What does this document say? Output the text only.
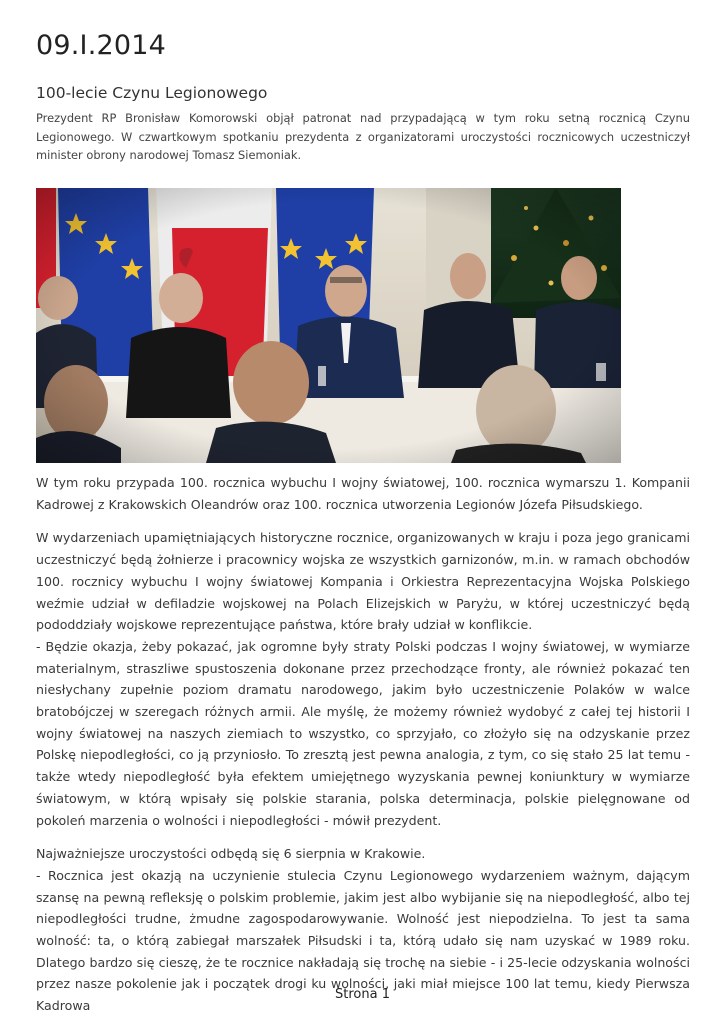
09.I.2014
100-lecie Czynu Legionowego

Prezydent RP Bronisław Komorowski objął patronat nad przypadającą w tym roku setną rocznicą Czynu Legionowego. W czwartkowym spotkaniu prezydenta z organizatorami uroczystości rocznicowych uczestniczył minister obrony narodowej Tomasz Siemoniak.

W tym roku przypada 100. rocznica wybuchu I wojny światowej, 100. rocznica wymarszu 1. Kompanii Kadrowej z Krakowskich Oleandrów oraz 100. rocznica utworzenia Legionów Józefa Piłsudskiego.

W wydarzeniach upamiętniających historyczne rocznice, organizowanych w kraju i poza jego granicami uczestniczyć będą żołnierze i pracownicy wojska ze wszystkich garnizonów, m.in. w ramach obchodów 100. rocznicy wybuchu I wojny światowej Kompania i Orkiestra Reprezentacyjna Wojska Polskiego weźmie udział w defiladzie wojskowej na Polach Elizejskich w Paryżu, w której uczestniczyć będą pododdziały wojskowe reprezentujące państwa, które brały udział w konflikcie.
- Będzie okazja, żeby pokazać, jak ogromne były straty Polski podczas I wojny światowej, w wymiarze materialnym, straszliwe spustoszenia dokonane przez przechodzące fronty, ale również pokazać ten niesłychany zupełnie poziom dramatu narodowego, jakim było uczestniczenie Polaków w walce bratobójczej w szeregach różnych armii. Ale myślę, że możemy również wydobyć z całej tej historii I wojny światowej na naszych ziemiach to wszystko, co sprzyjało, co złożyło się na odzyskanie przez Polskę niepodległości, co ją przyniosło. To zresztą jest pewna analogia, z tym, co się stało 25 lat temu - także wtedy niepodległość była efektem umiejętnego wyzyskania pewnej koniunktury w wymiarze światowym, w którą wpisały się polskie starania, polska determinacja, polskie pielęgnowane od pokoleń marzenia o wolności i niepodległości - mówił prezydent.

Najważniejsze uroczystości odbędą się 6 sierpnia w Krakowie.
- Rocznica jest okazją na uczynienie stulecia Czynu Legionowego wydarzeniem ważnym, dającym szansę na pewną refleksję o polskim problemie, jakim jest albo wybijanie się na niepodległość, albo tej niepodległości trudne, żmudne zagospodarowywanie. Wolność jest niepodzielna. To jest ta sama wolność: ta, o którą zabiegał marszałek Piłsudski i ta, którą udało się nam uzyskać w 1989 roku. Dlatego bardzo się cieszę, że te rocznice nakładają się trochę na siebie - i 25-lecie odzyskania wolności przez nasze pokolenie jak i początek drogi ku wolności, jaki miał miejsce 100 lat temu, kiedy Pierwsza Kadrowa

Strona 1
